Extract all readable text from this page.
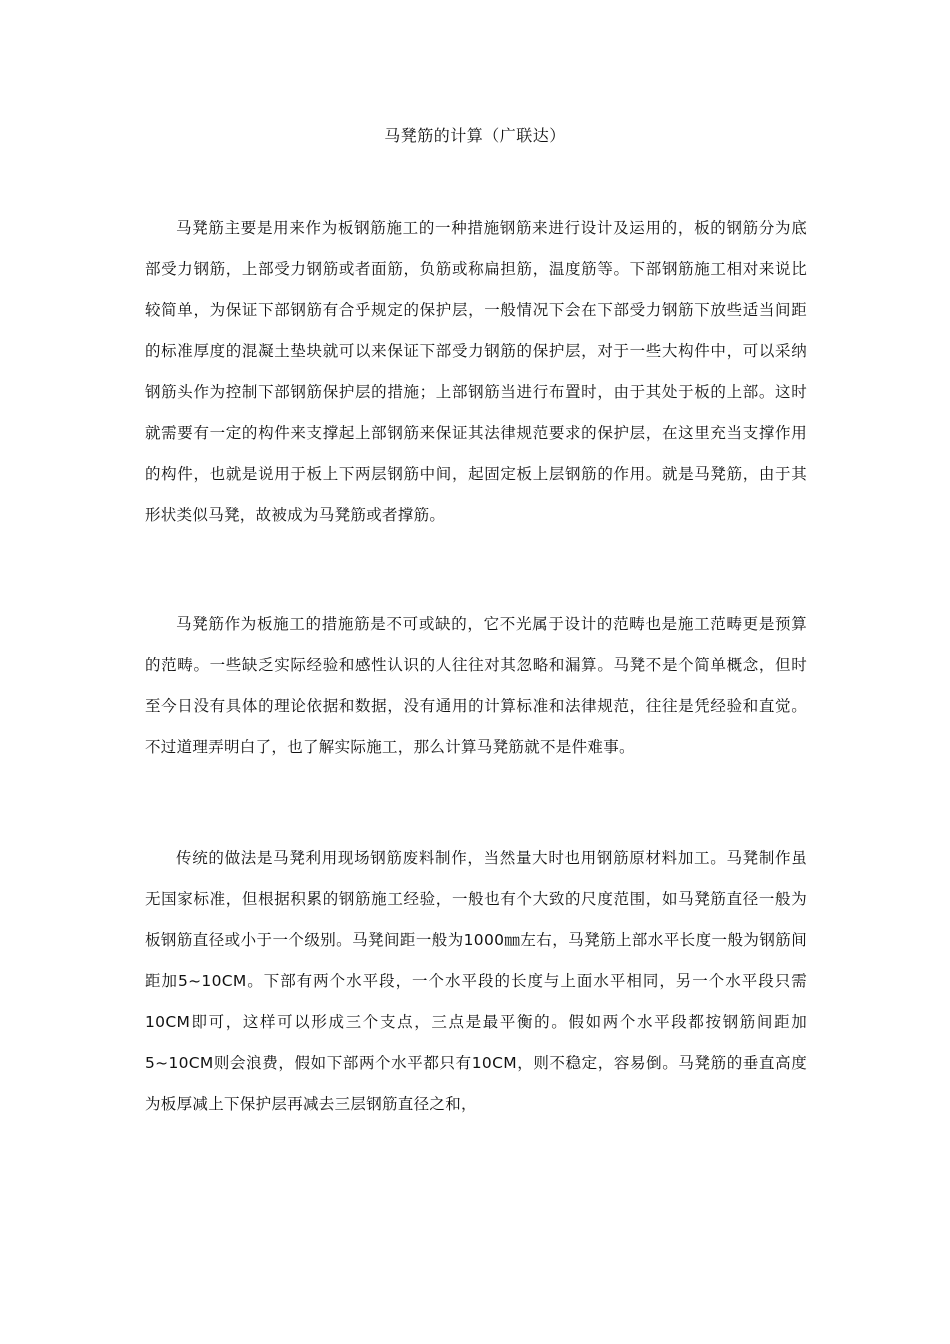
马凳筋的计算（广联达）

马凳筋主要是用来作为板钢筋施工的一种措施钢筋来进行设计及运用的，板的钢筋分为底部受力钢筋，上部受力钢筋或者面筋，负筋或称扁担筋，温度筋等。下部钢筋施工相对来说比较简单，为保证下部钢筋有合乎规定的保护层，一般情况下会在下部受力钢筋下放些适当间距的标准厚度的混凝土垫块就可以来保证下部受力钢筋的保护层，对于一些大构件中，可以采纳钢筋头作为控制下部钢筋保护层的措施；上部钢筋当进行布置时，由于其处于板的上部。这时就需要有一定的构件来支撑起上部钢筋来保证其法律规范要求的保护层，在这里充当支撑作用的构件，也就是说用于板上下两层钢筋中间，起固定板上层钢筋的作用。就是马凳筋，由于其形状类似马凳，故被成为马凳筋或者撑筋。

马凳筋作为板施工的措施筋是不可或缺的，它不光属于设计的范畴也是施工范畴更是预算的范畴。一些缺乏实际经验和感性认识的人往往对其忽略和漏算。马凳不是个简单概念，但时至今日没有具体的理论依据和数据，没有通用的计算标准和法律规范，往往是凭经验和直觉。不过道理弄明白了，也了解实际施工，那么计算马凳筋就不是件难事。

传统的做法是马凳利用现场钢筋废料制作，当然量大时也用钢筋原材料加工。马凳制作虽无国家标准，但根据积累的钢筋施工经验，一般也有个大致的尺度范围，如马凳筋直径一般为板钢筋直径或小于一个级别。马凳间距一般为1000㎜左右，马凳筋上部水平长度一般为钢筋间距加5~10CM。下部有两个水平段，一个水平段的长度与上面水平相同，另一个水平段只需10CM即可，这样可以形成三个支点，三点是最平衡的。假如两个水平段都按钢筋间距加5~10CM则会浪费，假如下部两个水平都只有10CM，则不稳定，容易倒。马凳筋的垂直高度为板厚减上下保护层再减去三层钢筋直径之和，
